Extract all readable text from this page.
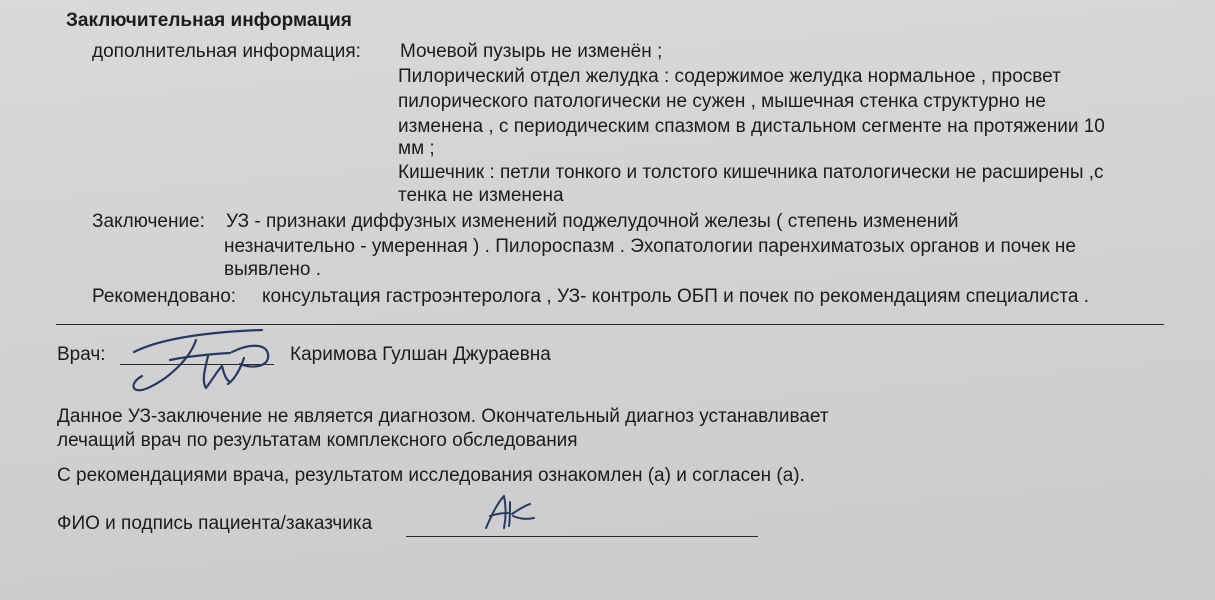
Заключительная информация
дополнительная информация: Мочевой пузырь не изменён ;
Пилорический отдел желудка : содержимое желудка нормальное , просвет
пилорического патологически не сужен , мышечная стенка структурно не
изменена , с периодическим спазмом в дистальном сегменте на протяжении 10
мм ;
Кишечник : петли тонкого и толстого кишечника патологически не расширены ,с
тенка не изменена
Заключение: УЗ - признаки диффузных изменений поджелудочной железы ( степень изменений
незначительно - умеренная ) . Пилороспазм . Эхопатологии паренхиматозых органов и почек не
выявлено .
Рекомендовано: консультация гастроэнтеролога , УЗ- контроль ОБП и почек по рекомендациям специалиста .
Врач:	Каримова Гулшан Джураевна
Данное УЗ-заключение не является диагнозом. Окончательный диагноз устанавливает
лечащий врач по результатам комплексного обследования
С рекомендациями врача, результатом исследования ознакомлен (а) и согласен (а).
ФИО и подпись пациента/заказчика
